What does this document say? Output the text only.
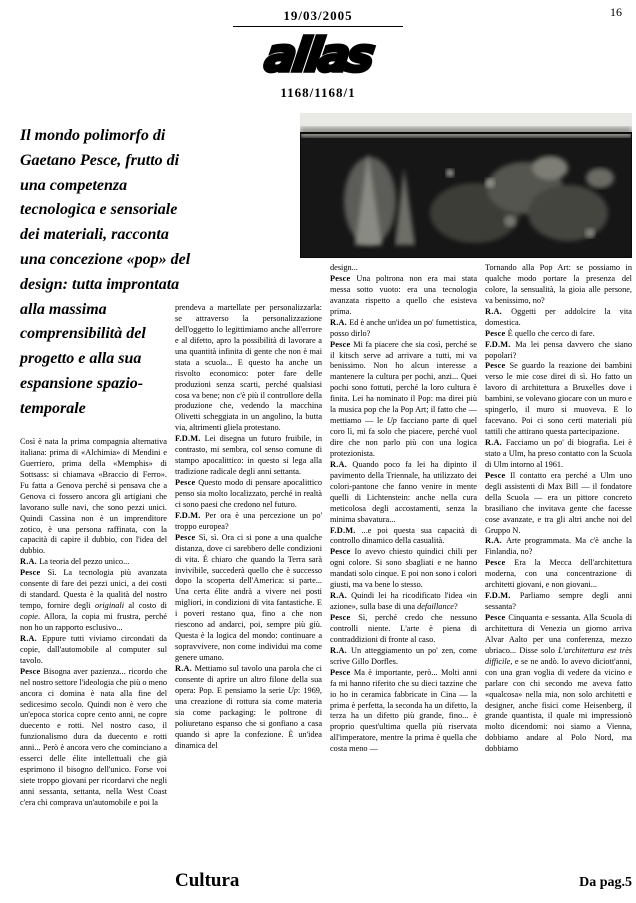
16
19/03/2005
alias
1168/1168/1
Il mondo polimorfo di Gaetano Pesce, frutto di una competenza tecnologica e sensoriale dei materiali, racconta una concezione «pop» del design: tutta improntata alla massima comprensibilità del progetto e alla sua espansione spazio-temporale

Così è nata la prima compagnia alternativa italiana: prima di «Alchimia» di Mendini e Guerriero, prima della «Memphis» di Sottsass: si chiamava «Braccio di Ferro». Fu fatta a Genova perché si pensava che a Genova ci fossero ancora gli artigiani che lavorano sulle navi, che sono pezzi unici. Quindi Cassina non è un imprenditore zotico, è una persona raffinata, con la capacità di capire il dubbio, con l'idea del dubbio.

R.A. La teoria del pezzo unico...

Pesce Sì. La tecnologia più avanzata consente di fare dei pezzi unici, a dei costi di standard. Questa è la qualità del nostro tempo, fornire degli originali al costo di copie. Allora, la copia mi frustra, perché non ho un rapporto esclusivo...

R.A. Eppure tutti viviamo circondati da copie, dall'automobile al computer sul tavolo.

Pesce Bisogna aver pazienza... ricordo che nel nostro settore l'ideologia che più o meno ancora ci domina è nata alla fine del sedicesimo secolo. Quindi non è vero che un'epoca storica copre cento anni, ne copre duecento e rotti. Nel nostro caso, il funzionalismo dura da duecento e rotti anni... Però è ancora vero che cominciano a esserci delle élite intellettuali che già esprimono il bisogno dell'unico. Forse voi siete troppo giovani per ricordarvi che negli anni sessanta, settanta, nella West Coast c'era chi comprava un'automobile e poi la

prendeva a martellate per personalizzarla: se attraverso la personalizzazione dell'oggetto lo legittimiamo anche all'errore e al difetto, apro la possibilità di lavorare a una quantità infinita di gente che non è mai stata a scuola... E questo ha anche un risvolto economico: poter fare delle produzioni senza scarti, perché qualsiasi cosa va bene; non c'è più il controllore della produzione che, vedendo la macchina Olivetti scheggiata in un angolino, la butta via, altrimenti gliela protestano.

F.D.M. Lei disegna un futuro fruibile, in contrasto, mi sembra, col senso comune di stampo apocalittico: in questo si lega alla tradizione radicale degli anni settanta.

Pesce Questo modo di pensare apocalittico penso sia molto localizzato, perché in realtà ci sono paesi che credono nel futuro.

F.D.M. Per ora è una percezione un po' troppo europea?

Pesce Sì, sì. Ora ci si pone a una qualche distanza, dove ci sarebbero delle condizioni di vita. È chiaro che quando la Terra sarà invivibile, succederà quello che è successo dopo la scoperta dell'America: si parte... Una certa élite andrà a vivere nei posti migliori, in condizioni di vita fantastiche. E i poveri restano qua, fino a che non riescono ad andarci, poi, sempre più giù. Questa è la logica del mondo: continuare a sopravvivere, non come individui ma come genere umano.

R.A. Mettiamo sul tavolo una parola che ci consente di aprire un altro filone della sua opera: Pop. E pensiamo la serie Up: 1969, una creazione di rottura sia come materia sia come packaging: le poltrone di poliuretano espanso che si gonfiano a casa quando si apre la confezione. È un'idea dinamica del

design...

Pesce Una poltrona non era mai stata messa sotto vuoto: era una tecnologia avanzata rispetto a quello che esisteva prima.

R.A. Ed è anche un'idea un po' fumettistica, posso dirlo?

Pesce Mi fa piacere che sia così, perché se il kitsch serve ad arrivare a tutti, mi va benissimo. Non ho alcun interesse a mantenere la cultura per pochi, anzi... Quei pochi sono fottuti, perché la loro cultura è finita. Lei ha nominato il Pop: ma direi più la musica pop che la Pop Art; il fatto che — mettiamo — le Up facciano parte di quel coro lì, mi fa solo che piacere, perché vuol dire che non parlo più con una logica protezionista.

R.A. Quando poco fa lei ha dipinto il pavimento della Triennale, ha utilizzato dei colori-pantone che fanno venire in mente quelli di Lichtenstein: anche nella cura meticolosa degli accostamenti, senza la minima sbavatura...

F.D.M. ...e poi questa sua capacità di controllo dinamico della casualità.

Pesce Io avevo chiesto quindici chili per ogni colore. Si sono sbagliati e ne hanno mandati solo cinque. E poi non sono i colori giusti, ma va bene lo stesso.

R.A. Quindi lei ha ricodificato l'idea «in azione», sulla base di una defaillance?

Pesce Sì, perché credo che nessuno controlli niente. L'arte è piena di contraddizioni di fronte al caso.

R.A. Un atteggiamento un po' zen, come scrive Gillo Dorfles.

Pesce Ma è importante, però... Molti anni fa mi hanno riferito che su dieci tazzine che io ho in ceramica fabbricate in Cina — la prima è perfetta, la seconda ha un difetto, la terza ha un difetto più grande, fino... è proprio quest'ultima quella più riservata all'imperatore, mentre la prima è quella che costa meno —

Tornando alla Pop Art: se possiamo in qualche modo portare la presenza del colore, la sensualità, la gioia alle persone, va benissimo, no?

R.A. Oggetti per addolcire la vita domestica.

Pesce È quello che cerco di fare.

F.D.M. Ma lei pensa davvero che siano popolari?

Pesce Se guardo la reazione dei bambini verso le mie cose direi di sì. Ho fatto un lavoro di architettura a Bruxelles dove i bambini, se volevano giocare con un muro e spingerlo, il muro si muoveva. E lo facevano. Poi ci sono certi materiali più tattili che attirano questa partecipazione.

R.A. Facciamo un po' di biografia. Lei è stato a Ulm, ha preso contatto con la Scuola di Ulm intorno al 1961.

Pesce Il contatto era perché a Ulm uno degli assistenti di Max Bill — il fondatore della Scuola — era un pittore concreto brasiliano che invitava gente che facesse cose avanzate, e tra gli altri anche noi del Gruppo N.

R.A. Arte programmata. Ma c'è anche la Finlandia, no?

Pesce Era la Mecca dell'architettura moderna, con una concentrazione di architetti giovani, e non giovani...

F.D.M. Parliamo sempre degli anni sessanta?

Pesce Cinquanta e sessanta. Alla Scuola di architettura di Venezia un giorno arriva Alvar Aalto per una conferenza, mezzo ubriaco... Disse solo L'architettura est très difficile, e se ne andò. Io avevo diciott'anni, con una gran voglia di vedere da vicino e parlare con chi secondo me aveva fatto «qualcosa» nella mia, non solo architetti e designer, anche fisici come Heisenberg, il grande quantista, il quale mi impressionò molto dicendomi: noi siamo a Vienna, dobbiamo andare al Polo Nord, ma dobbiamo

Cultura	Da pag.5
